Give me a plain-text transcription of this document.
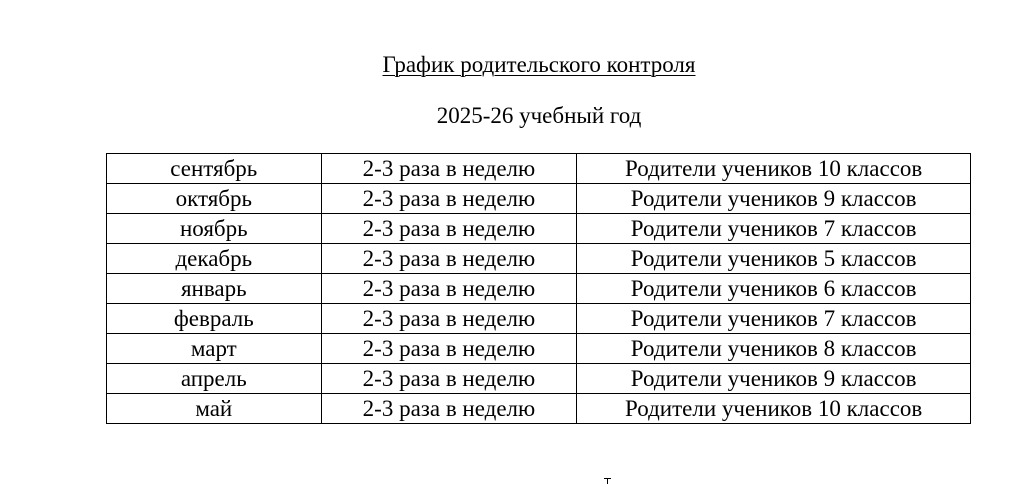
График родительского контроля
2025-26 учебный год
сентябрь	2-3 раза в неделю	Родители учеников 10 классов
октябрь	2-3 раза в неделю	Родители учеников 9 классов
ноябрь	2-3 раза в неделю	Родители учеников 7 классов
декабрь	2-3 раза в неделю	Родители учеников 5 классов
январь	2-3 раза в неделю	Родители учеников 6 классов
февраль	2-3 раза в неделю	Родители учеников 7 классов
март	2-3 раза в неделю	Родители учеников 8 классов
апрель	2-3 раза в неделю	Родители учеников 9 классов
май	2-3 раза в неделю	Родители учеников 10 классов
